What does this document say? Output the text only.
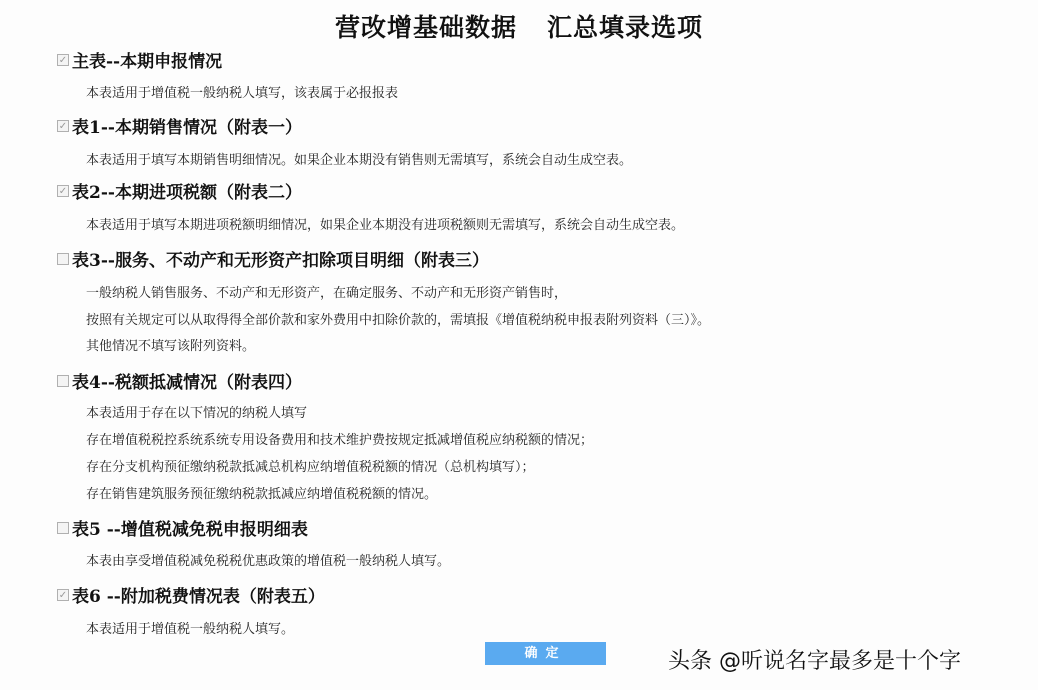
营改增基础数据 汇总填录选项
✓ 主表--本期申报情况
本表适用于增值税一般纳税人填写，该表属于必报报表
✓ 表1--本期销售情况（附表一）
本表适用于填写本期销售明细情况。如果企业本期没有销售则无需填写，系统会自动生成空表。
✓ 表2--本期进项税额（附表二）
本表适用于填写本期进项税额明细情况，如果企业本期没有进项税额则无需填写，系统会自动生成空表。
表3--服务、不动产和无形资产扣除项目明细（附表三）
一般纳税人销售服务、不动产和无形资产，在确定服务、不动产和无形资产销售时，
按照有关规定可以从取得得全部价款和家外费用中扣除价款的，需填报《增值税纳税申报表附列资料（三）》。
其他情况不填写该附列资料。
表4--税额抵减情况（附表四）
本表适用于存在以下情况的纳税人填写
存在增值税税控系统系统专用设备费用和技术维护费按规定抵减增值税应纳税额的情况；
存在分支机构预征缴纳税款抵减总机构应纳增值税税额的情况（总机构填写）；
存在销售建筑服务预征缴纳税款抵减应纳增值税税额的情况。
表5 --增值税减免税申报明细表
本表由享受增值税减免税税优惠政策的增值税一般纳税人填写。
✓ 表6 --附加税费情况表（附表五）
本表适用于增值税一般纳税人填写。
确定	头条 @听说名字最多是十个字
